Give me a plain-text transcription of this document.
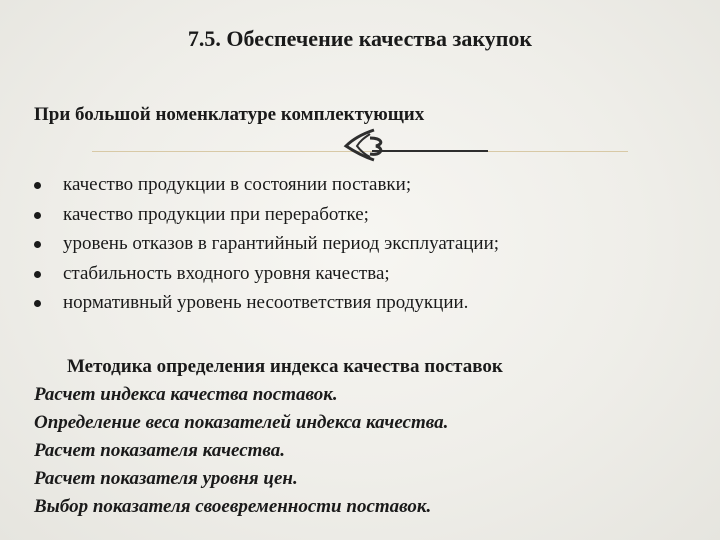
7.5. Обеспечение качества закупок
При большой номенклатуре комплектующих
качество продукции в состоянии поставки;
качество продукции при переработке;
уровень отказов в гарантийный период эксплуатации;
стабильность входного уровня качества;
нормативный уровень несоответствия продукции.
Методика определения индекса качества поставок
Расчет индекса качества поставок.
Определение веса показателей индекса качества.
Расчет показателя качества.
Расчет показателя уровня цен.
Выбор показателя своевременности поставок.
